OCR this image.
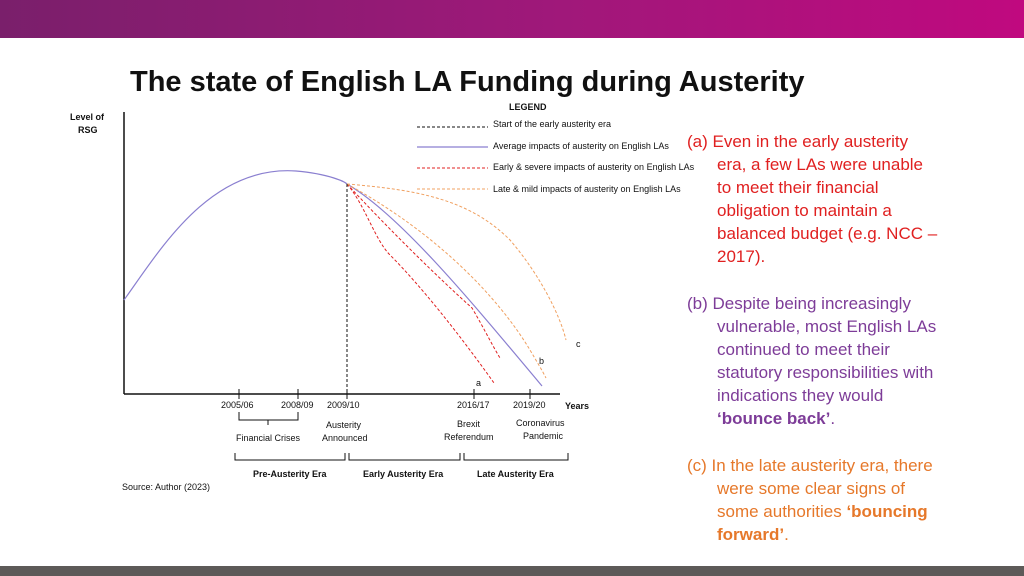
The state of English LA Funding during Austerity
Level of
RSG
Years
a
b
c
LEGEND
Start of the early austerity era
Average impacts of austerity on English LAs
Early & severe impacts of austerity on English LAs
Late & mild impacts of austerity on English LAs
2005/06	2008/09 2009/10	2016/17	2019/20
Financial Crises
Austerity
Announced
Brexit
Referendum
Coronavirus
Pandemic
Pre-Austerity Era	Early Austerity Era	Late Austerity Era
Source: Author (2023)
(a) Even in the early austerity
era, a few LAs were unable
to meet their financial
obligation to maintain a
balanced budget (e.g. NCC –
2017).
(b) Despite being increasingly
vulnerable, most English LAs
continued to meet their
statutory responsibilities with
indications they would
‘bounce back’.
(c) In the late austerity era, there
were some clear signs of
some authorities ‘bouncing
forward’.
